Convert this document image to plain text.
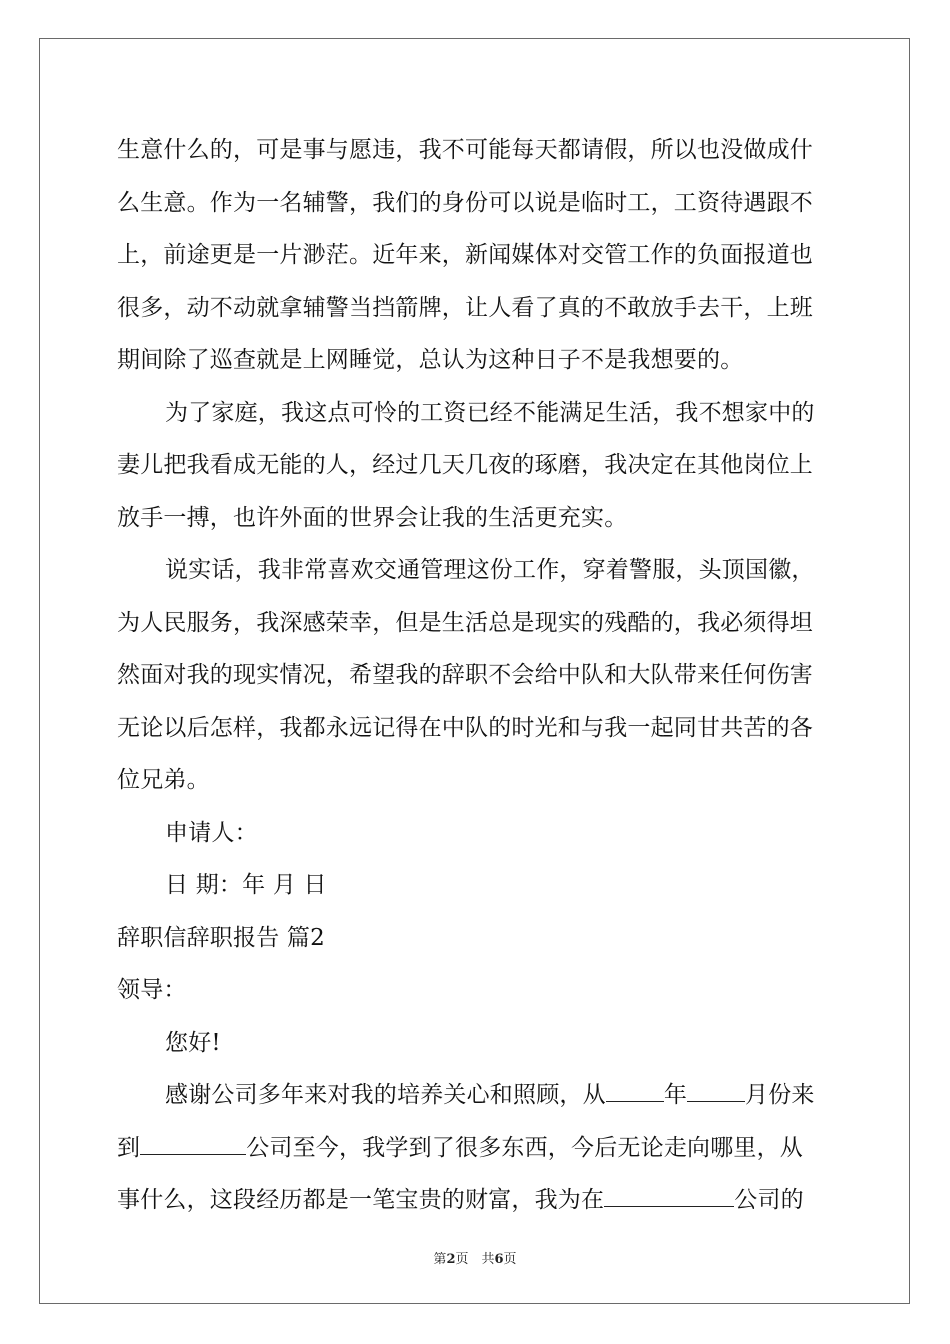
生意什么的，可是事与愿违，我不可能每天都请假，所以也没做成什

么生意。作为一名辅警，我们的身份可以说是临时工，工资待遇跟不

上，前途更是一片渺茫。近年来，新闻媒体对交管工作的负面报道也

很多，动不动就拿辅警当挡箭牌，让人看了真的不敢放手去干，上班

期间除了巡查就是上网睡觉，总认为这种日子不是我想要的。

为了家庭，我这点可怜的工资已经不能满足生活，我不想家中的

妻儿把我看成无能的人，经过几天几夜的琢磨，我决定在其他岗位上

放手一搏，也许外面的世界会让我的生活更充实。

说实话，我非常喜欢交通管理这份工作，穿着警服，头顶国徽，

为人民服务，我深感荣幸，但是生活总是现实的残酷的，我必须得坦

然面对我的现实情况，希望我的辞职不会给中队和大队带来任何伤害

无论以后怎样，我都永远记得在中队的时光和与我一起同甘共苦的各

位兄弟。

申请人：

日 期：年 月 日

辞职信辞职报告 篇2

领导：

您好!

感谢公司多年来对我的培养关心和照顾，从	年	月份来

到	公司至今，我学到了很多东西，今后无论走向哪里，从

事什么，这段经历都是一笔宝贵的财富，我为在	公司的

第2页　共6页
